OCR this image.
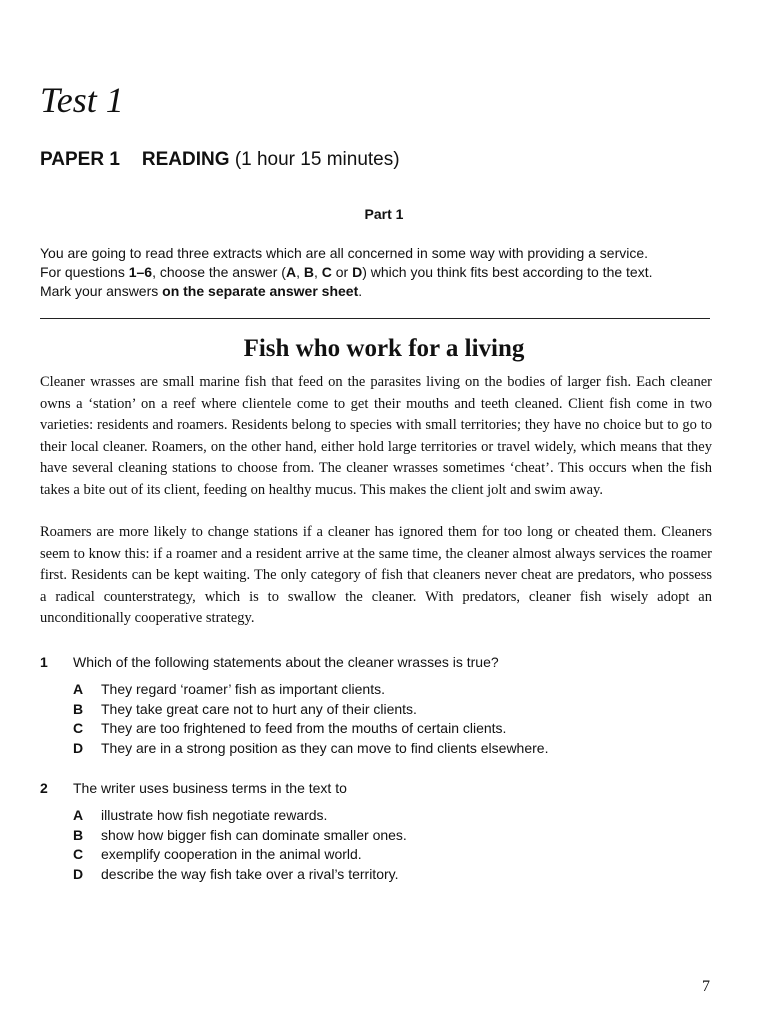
Test 1
PAPER 1 READING (1 hour 15 minutes)
Part 1

You are going to read three extracts which are all concerned in some way with providing a service.

For questions 1–6, choose the answer (A, B, C or D) which you think fits best according to the text.

Mark your answers on the separate answer sheet.

Fish who work for a living

Cleaner wrasses are small marine fish that feed on the parasites living on the bodies of larger fish. Each cleaner owns a ‘station’ on a reef where clientele come to get their mouths and teeth cleaned. Client fish come in two varieties: residents and roamers. Residents belong to species with small territories; they have no choice but to go to their local cleaner. Roamers, on the other hand, either hold large territories or travel widely, which means that they have several cleaning stations to choose from. The cleaner wrasses sometimes ‘cheat’. This occurs when the fish takes a bite out of its client, feeding on healthy mucus. This makes the client jolt and swim away.

Roamers are more likely to change stations if a cleaner has ignored them for too long or cheated them. Cleaners seem to know this: if a roamer and a resident arrive at the same time, the cleaner almost always services the roamer first. Residents can be kept waiting. The only category of fish that cleaners never cheat are predators, who possess a radical counterstrategy, which is to swallow the cleaner. With predators, cleaner fish wisely adopt an unconditionally cooperative strategy.

1 Which of the following statements about the cleaner wrasses is true?
A They regard ‘roamer’ fish as important clients.
B They take great care not to hurt any of their clients.
C They are too frightened to feed from the mouths of certain clients.
D They are in a strong position as they can move to find clients elsewhere.
2 The writer uses business terms in the text to
A illustrate how fish negotiate rewards.
B show how bigger fish can dominate smaller ones.
C exemplify cooperation in the animal world.
D describe the way fish take over a rival’s territory.
7
